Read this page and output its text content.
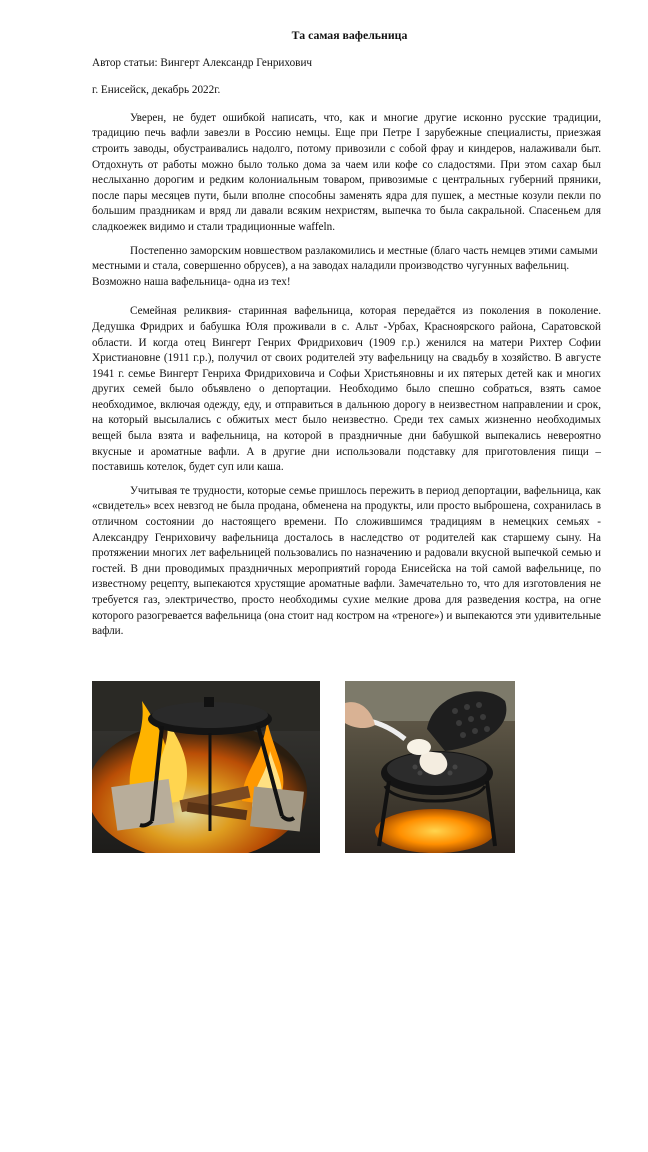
Та самая вафельница
Автор статьи: Вингерт Александр Генрихович
г. Енисейск, декабрь 2022г.

Уверен, не будет ошибкой написать, что, как и многие другие исконно русские традиции, традицию печь вафли завезли в Россию немцы. Еще при Петре I зарубежные специалисты, приезжая строить заводы, обустраивались надолго, потому привозили с собой фрау и киндеров, налаживали быт. Отдохнуть от работы можно было только дома за чаем или кофе со сладостями. При этом сахар был неслыханно дорогим и редким колониальным товаром, привозимые с центральных губерний пряники, после пары месяцев пути, были вполне способны заменять ядра для пушек, а местные козули пекли по большим праздникам и вряд ли давали всяким нехристям, выпечка то была сакральной. Спасеньем для сладкоежек видимо и стали традиционные waffeln.

Постепенно заморским новшеством разлакомились и местные (благо часть немцев этими самыми местными и стала, совершенно обрусев), а на заводах наладили производство чугунных вафельниц.

Возможно наша вафельница- одна из тех!

Семейная реликвия- старинная вафельница, которая передаётся из поколения в поколение. Дедушка Фридрих и бабушка Юля проживали в с. Альт -Урбах, Красноярского района, Саратовской области. И когда отец Вингерт Генрих Фридрихович (1909 г.р.) женился на матери Рихтер Софии Христиановне (1911 г.р.), получил от своих родителей эту вафельницу на свадьбу в хозяйство. В августе 1941 г. семье Вингерт Генриха Фридриховича и Софьи Христьяновны и их пятерых детей как и многих других семей было объявлено о депортации. Необходимо было спешно собраться, взять самое необходимое, включая одежду, еду, и отправиться в дальнюю дорогу в неизвестном направлении и срок, на который высылались с обжитых мест было неизвестно. Среди тех самых жизненно необходимых вещей была взята и вафельница, на которой в праздничные дни бабушкой выпекались невероятно вкусные и ароматные вафли. А в другие дни использовали подставку для приготовления пищи – поставишь котелок, будет суп или каша.

Учитывая те трудности, которые семье пришлось пережить в период депортации, вафельница, как «свидетель» всех невзгод не была продана, обменена на продукты, или просто выброшена, сохранилась в отличном состоянии до настоящего времени. По сложившимся традициям в немецких семьях - Александру Генриховичу вафельница досталось в наследство от родителей как старшему сыну. На протяжении многих лет вафельницей пользовались по назначению и радовали вкусной выпечкой семью и гостей. В дни проводимых праздничных мероприятий города Енисейска на той самой вафельнице, по известному рецепту, выпекаются хрустящие ароматные вафли. Замечательно то, что для изготовления не требуется газ, электричество, просто необходимы сухие мелкие дрова для разведения костра, на огне которого разогревается вафельница (она стоит над костром на «треноге») и выпекаются эти удивительные вафли.
